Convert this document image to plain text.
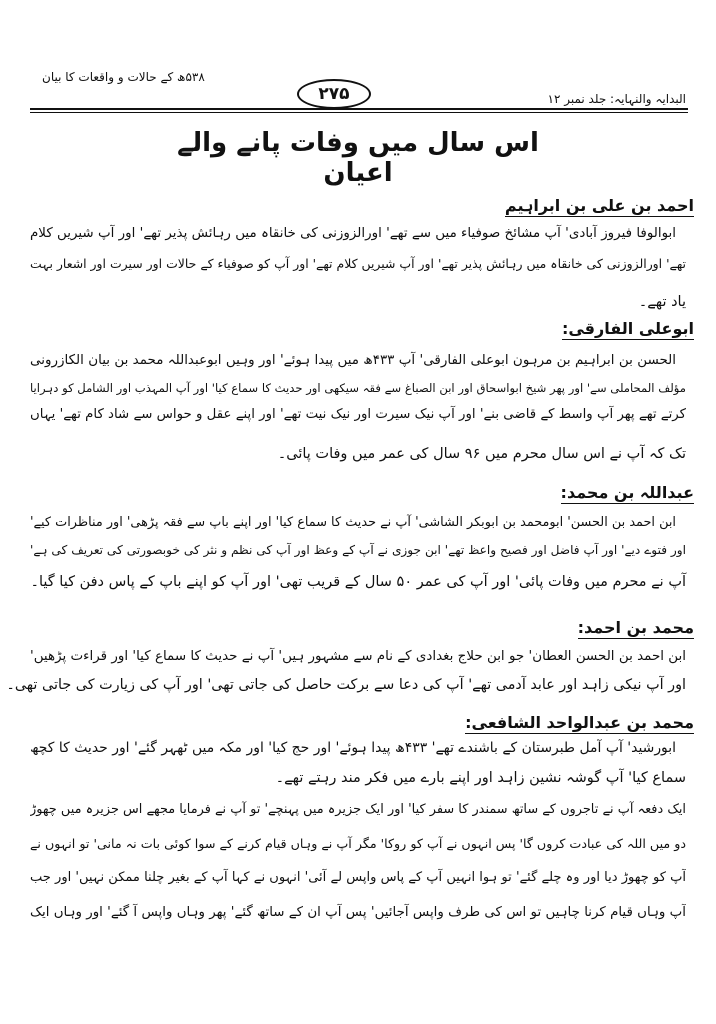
البدایہ والنہایہ: جلد نمبر ۱۲
۲۷۵
۵۳۸ھ کے حالات و واقعات کا بیان
اس سال میں وفات پانے والے اعیان
احمد بن علی بن ابراہیم
ابوالوفا فیروز آبادی' آپ مشائخ صوفیاء میں سے تھے' اورالزوزنی کی خانقاہ میں رہائش پذیر تھے' اور آپ شیریں کلام
تھے' اورالزوزنی کی خانقاہ میں رہائش پذیر تھے' اور آپ شیریں کلام تھے' اور آپ کو صوفیاء کے حالات اور سیرت اور اشعار بہت
یاد تھے۔
ابوعلی الفارقی:
الحسن بن ابراہیم بن مرہون ابوعلی الفارقی' آپ ۴۳۳ھ میں پیدا ہوئے' اور وہیں ابوعبداللہ محمد بن بیان الکازرونی
مؤلف المحاملی سے' اور پھر شیخ ابواسحاق اور ابن الصباغ سے فقہ سیکھی اور حدیث کا سماع کیا' اور آپ المہذب اور الشامل کو دہرایا
کرتے تھے پھر آپ واسط کے قاضی بنے' اور آپ نیک سیرت اور نیک نیت تھے' اور اپنے عقل و حواس سے شاد کام تھے' یہاں
تک کہ آپ نے اس سال محرم میں ۹۶ سال کی عمر میں وفات پائی۔
عبداللہ بن محمد:
ابن احمد بن الحسن' ابومحمد بن ابوبکر الشاشی' آپ نے حدیث کا سماع کیا' اور اپنے باپ سے فقہ پڑھی' اور مناظرات کیے'
اور فتوے دیے' اور آپ فاضل اور فصیح واعظ تھے' ابن جوزی نے آپ کے وعظ اور آپ کی نظم و نثر کی خوبصورتی کی تعریف کی ہے'
آپ نے محرم میں وفات پائی' اور آپ کی عمر ۵۰ سال کے قریب تھی' اور آپ کو اپنے باپ کے پاس دفن کیا گیا۔
محمد بن احمد:
ابن احمد بن الحسن العطان' جو ابن حلاج بغدادی کے نام سے مشہور ہیں' آپ نے حدیث کا سماع کیا' اور قراءت پڑھیں'
اور آپ نیکی زاہد اور عابد آدمی تھے' آپ کی دعا سے برکت حاصل کی جاتی تھی' اور آپ کی زیارت کی جاتی تھی۔
محمد بن عبدالواحد الشافعی:
ابورشید' آپ آمل طبرستان کے باشندے تھے' ۴۳۳ھ پیدا ہوئے' اور حج کیا' اور مکہ میں ٹھہر گئے' اور حدیث کا کچھ
سماع کیا' آپ گوشہ نشین زاہد اور اپنے بارے میں فکر مند رہتے تھے۔
ایک دفعہ آپ نے تاجروں کے ساتھ سمندر کا سفر کیا' اور ایک جزیرہ میں پہنچے' تو آپ نے فرمایا مجھے اس جزیرہ میں چھوڑ
دو میں اللہ کی عبادت کروں گا' پس انہوں نے آپ کو روکا' مگر آپ نے وہاں قیام کرنے کے سوا کوئی بات نہ مانی' تو انہوں نے
آپ کو چھوڑ دیا اور وہ چلے گئے' تو ہوا انہیں آپ کے پاس واپس لے آئی' انہوں نے کہا آپ کے بغیر چلنا ممکن نہیں' اور جب
آپ وہاں قیام کرنا چاہیں تو اس کی طرف واپس آجائیں' پس آپ ان کے ساتھ گئے' پھر وہاں واپس آ گئے' اور وہاں ایک
